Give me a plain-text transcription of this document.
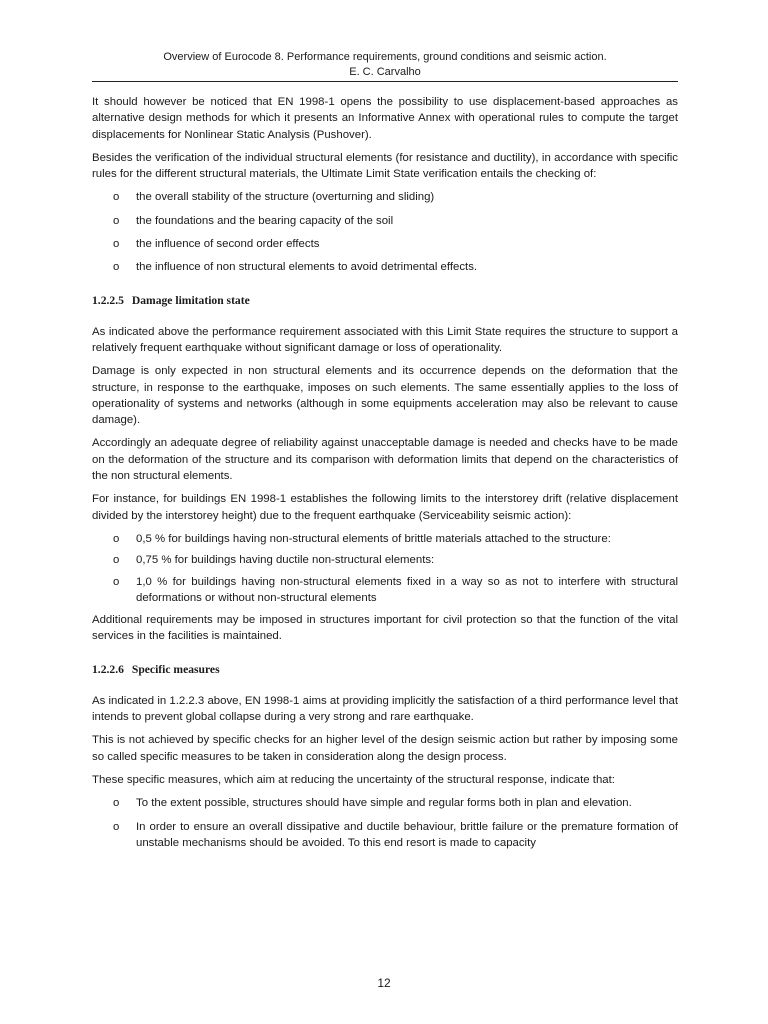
Overview of Eurocode 8. Performance requirements, ground conditions and seismic action.
E. C. Carvalho

It should however be noticed that EN 1998-1 opens the possibility to use displacement-based approaches as alternative design methods for which it presents an Informative Annex with operational rules to compute the target displacements for Nonlinear Static Analysis (Pushover).

Besides the verification of the individual structural elements (for resistance and ductility), in accordance with specific rules for the different structural materials, the Ultimate Limit State verification entails the checking of:

o the overall stability of the structure (overturning and sliding)
o the foundations and the bearing capacity of the soil
o the influence of second order effects
o the influence of non structural elements to avoid detrimental effects.
1.2.2.5 Damage limitation state

As indicated above the performance requirement associated with this Limit State requires the structure to support a relatively frequent earthquake without significant damage or loss of operationality.

Damage is only expected in non structural elements and its occurrence depends on the deformation that the structure, in response to the earthquake, imposes on such elements. The same essentially applies to the loss of operationality of systems and networks (although in some equipments acceleration may also be relevant to cause damage).

Accordingly an adequate degree of reliability against unacceptable damage is needed and checks have to be made on the deformation of the structure and its comparison with deformation limits that depend on the characteristics of the non structural elements.

For instance, for buildings EN 1998-1 establishes the following limits to the interstorey drift (relative displacement divided by the interstorey height) due to the frequent earthquake (Serviceability seismic action):

o 0,5 % for buildings having non-structural elements of brittle materials attached to the structure:
o 0,75 % for buildings having ductile non-structural elements:
o 1,0 % for buildings having non-structural elements fixed in a way so as not to interfere with structural deformations or without non-structural elements

Additional requirements may be imposed in structures important for civil protection so that the function of the vital services in the facilities is maintained.

1.2.2.6 Specific measures

As indicated in 1.2.2.3 above, EN 1998-1 aims at providing implicitly the satisfaction of a third performance level that intends to prevent global collapse during a very strong and rare earthquake.

This is not achieved by specific checks for an higher level of the design seismic action but rather by imposing some so called specific measures to be taken in consideration along the design process.

These specific measures, which aim at reducing the uncertainty of the structural response, indicate that:

o To the extent possible, structures should have simple and regular forms both in plan and elevation.
o In order to ensure an overall dissipative and ductile behaviour, brittle failure or the premature formation of unstable mechanisms should be avoided. To this end resort is made to capacity
12
